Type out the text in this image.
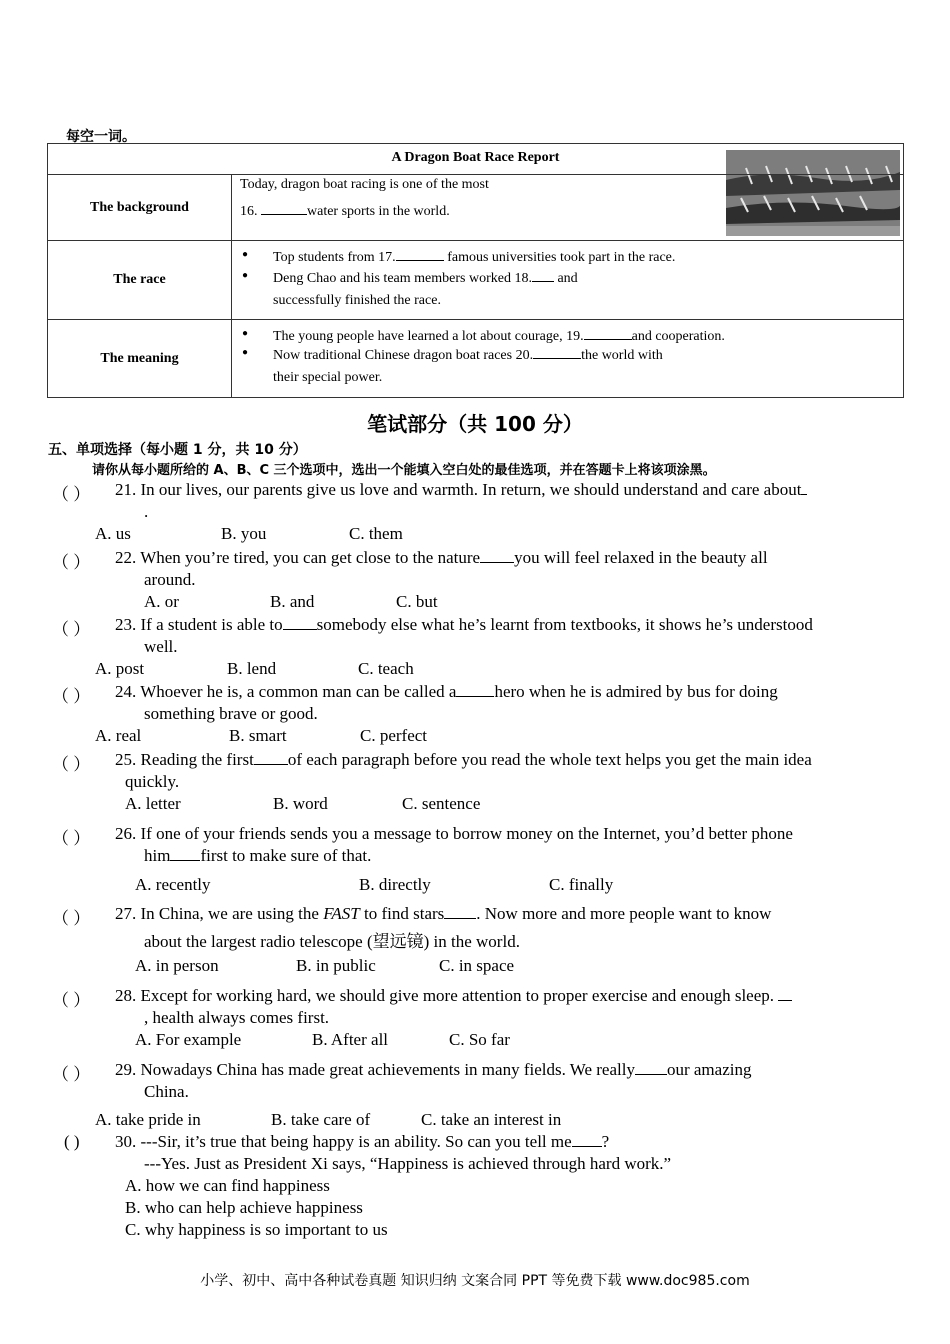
每空一词。
A Dragon Boat Race Report
The background
Today, dragon boat racing is one of the most
16.	water sports in the world.
The race
● Top students from 17.	famous universities took part in the race.
● Deng Chao and his team members worked 18. and
successfully finished the race.
The meaning
● The young people have learned a lot about courage, 19.	and cooperation.
● Now traditional Chinese dragon boat races 20.	the world with
their special power.
笔试部分（共 100 分）
五、单项选择（每小题 1 分，共 10 分）
请你从每小题所给的 A、B、C 三个选项中，选出一个能填入空白处的最佳选项，并在答题卡上将该项涂黑。
（ ） 21. In our lives, our parents give us love and warmth. In return, we should understand and care about
.
A. us	B. you	C. them
（ ） 22. When you’re tired, you can get close to the nature you will feel relaxed in the beauty all
around.
A. or	B. and	C. but
（ ） 23. If a student is able to somebody else what he’s learnt from textbooks, it shows he’s understood
well.
A. post	B. lend	C. teach
（ ） 24. Whoever he is, a common man can be called a hero when he is admired by bus for doing
something brave or good.
A. real	B. smart	C. perfect
（ ） 25. Reading the first of each paragraph before you read the whole text helps you get the main idea
quickly.
A. letter	B. word	C. sentence
（ ） 26. If one of your friends sends you a message to borrow money on the Internet, you’d better phone
him first to make sure of that.
A. recently	B. directly	C. finally
（ ） 27. In China, we are using the FAST to find stars . Now more and more people want to know
about the largest radio telescope (望远镜) in the world.
A. in person	B. in public	C. in space
（ ） 28. Except for working hard, we should give more attention to proper exercise and enough sleep.
, health always comes first.
A. For example	B. After all	C. So far
（ ） 29. Nowadays China has made great achievements in many fields. We really our amazing
China.
A. take pride in	B. take care of	C. take an interest in
( ) 30. ---Sir, it’s true that being happy is an ability. So can you tell me ?
---Yes. Just as President Xi says, “Happiness is achieved through hard work.”
A. how we can find happiness
B. who can help achieve happiness
C. why happiness is so important to us
小学、初中、高中各种试卷真题 知识归纳 文案合同 PPT 等免费下载 www.doc985.com
